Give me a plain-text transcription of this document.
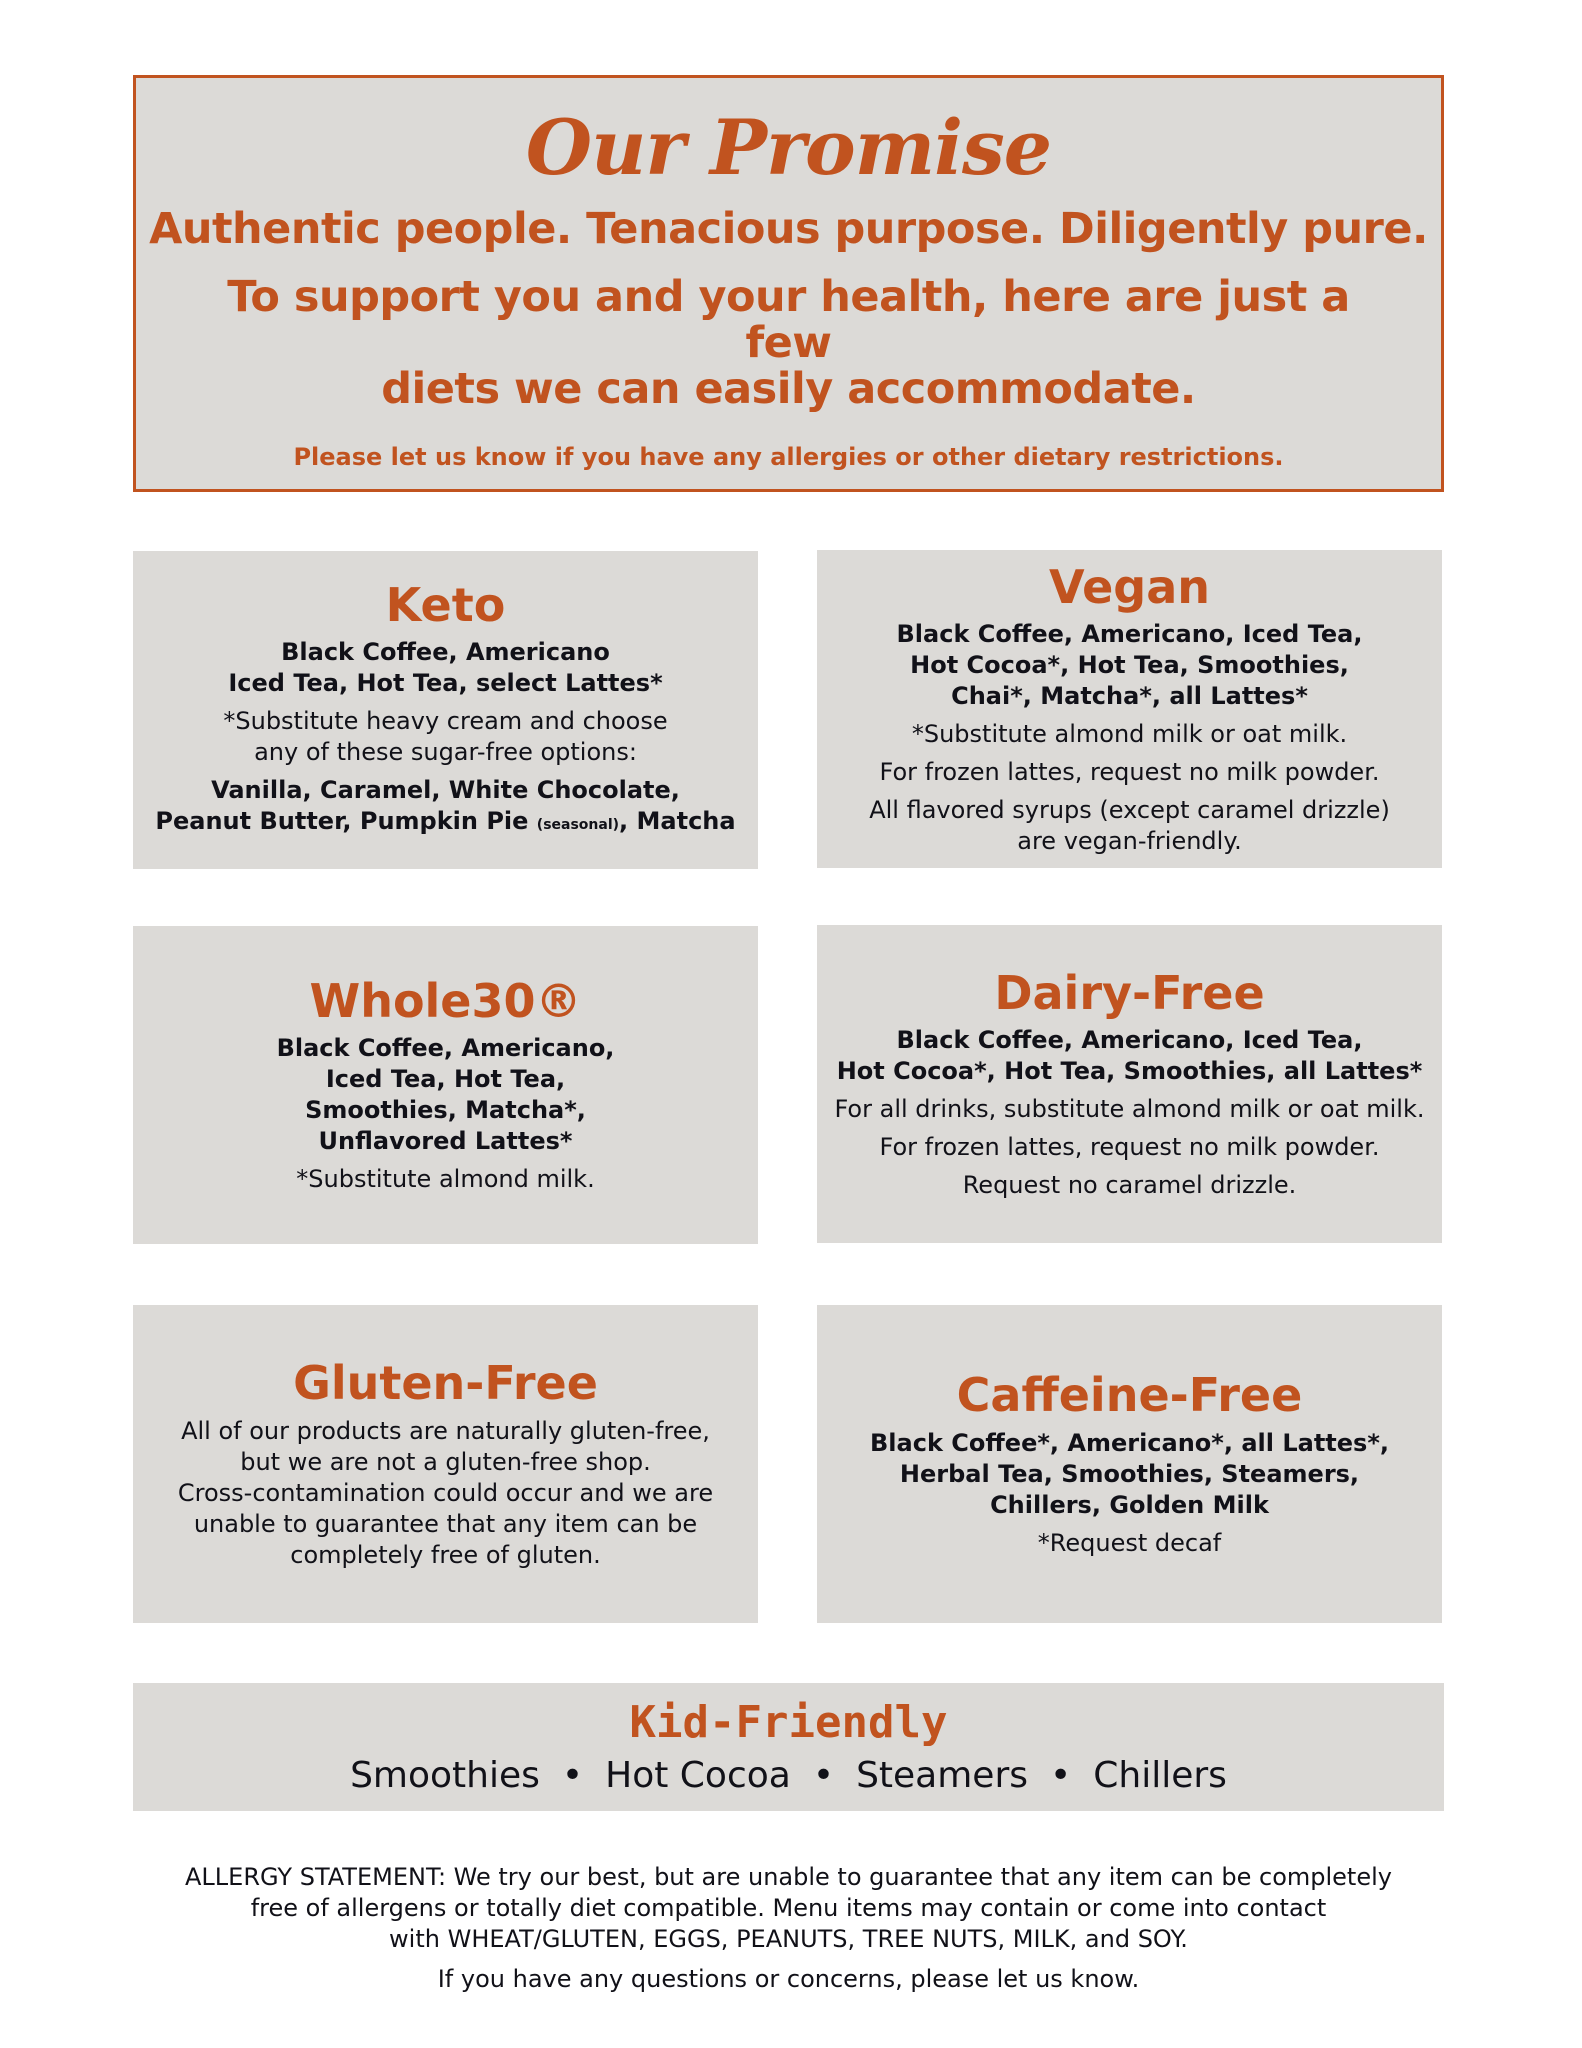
Our Promise
Authentic people. Tenacious purpose. Diligently pure.
To support you and your health, here are just a few
diets we can easily accommodate.
Please let us know if you have any allergies or other dietary restrictions.
Keto
Black Coffee, Americano
Iced Tea, Hot Tea, select Lattes*
*Substitute heavy cream and choose
any of these sugar-free options:
Vanilla, Caramel, White Chocolate,
Peanut Butter, Pumpkin Pie (seasonal), Matcha
Vegan
Black Coffee, Americano, Iced Tea,
Hot Cocoa*, Hot Tea, Smoothies,
Chai*, Matcha*, all Lattes*
*Substitute almond milk or oat milk.
For frozen lattes, request no milk powder.
All flavored syrups (except caramel drizzle)
are vegan-friendly.
Whole30®
Black Coffee, Americano,
Iced Tea, Hot Tea,
Smoothies, Matcha*,
Unflavored Lattes*
*Substitute almond milk.
Dairy-Free
Black Coffee, Americano, Iced Tea,
Hot Cocoa*, Hot Tea, Smoothies, all Lattes*
For all drinks, substitute almond milk or oat milk.
For frozen lattes, request no milk powder.
Request no caramel drizzle.
Gluten-Free
All of our products are naturally gluten-free,
but we are not a gluten-free shop.
Cross-contamination could occur and we are
unable to guarantee that any item can be
completely free of gluten.
Caffeine-Free
Black Coffee*, Americano*, all Lattes*,
Herbal Tea, Smoothies, Steamers,
Chillers, Golden Milk
*Request decaf
Kid-Friendly
Smoothies • Hot Cocoa • Steamers • Chillers
ALLERGY STATEMENT: We try our best, but are unable to guarantee that any item can be completely
free of allergens or totally diet compatible. Menu items may contain or come into contact
with WHEAT/GLUTEN, EGGS, PEANUTS, TREE NUTS, MILK, and SOY.
If you have any questions or concerns, please let us know.
